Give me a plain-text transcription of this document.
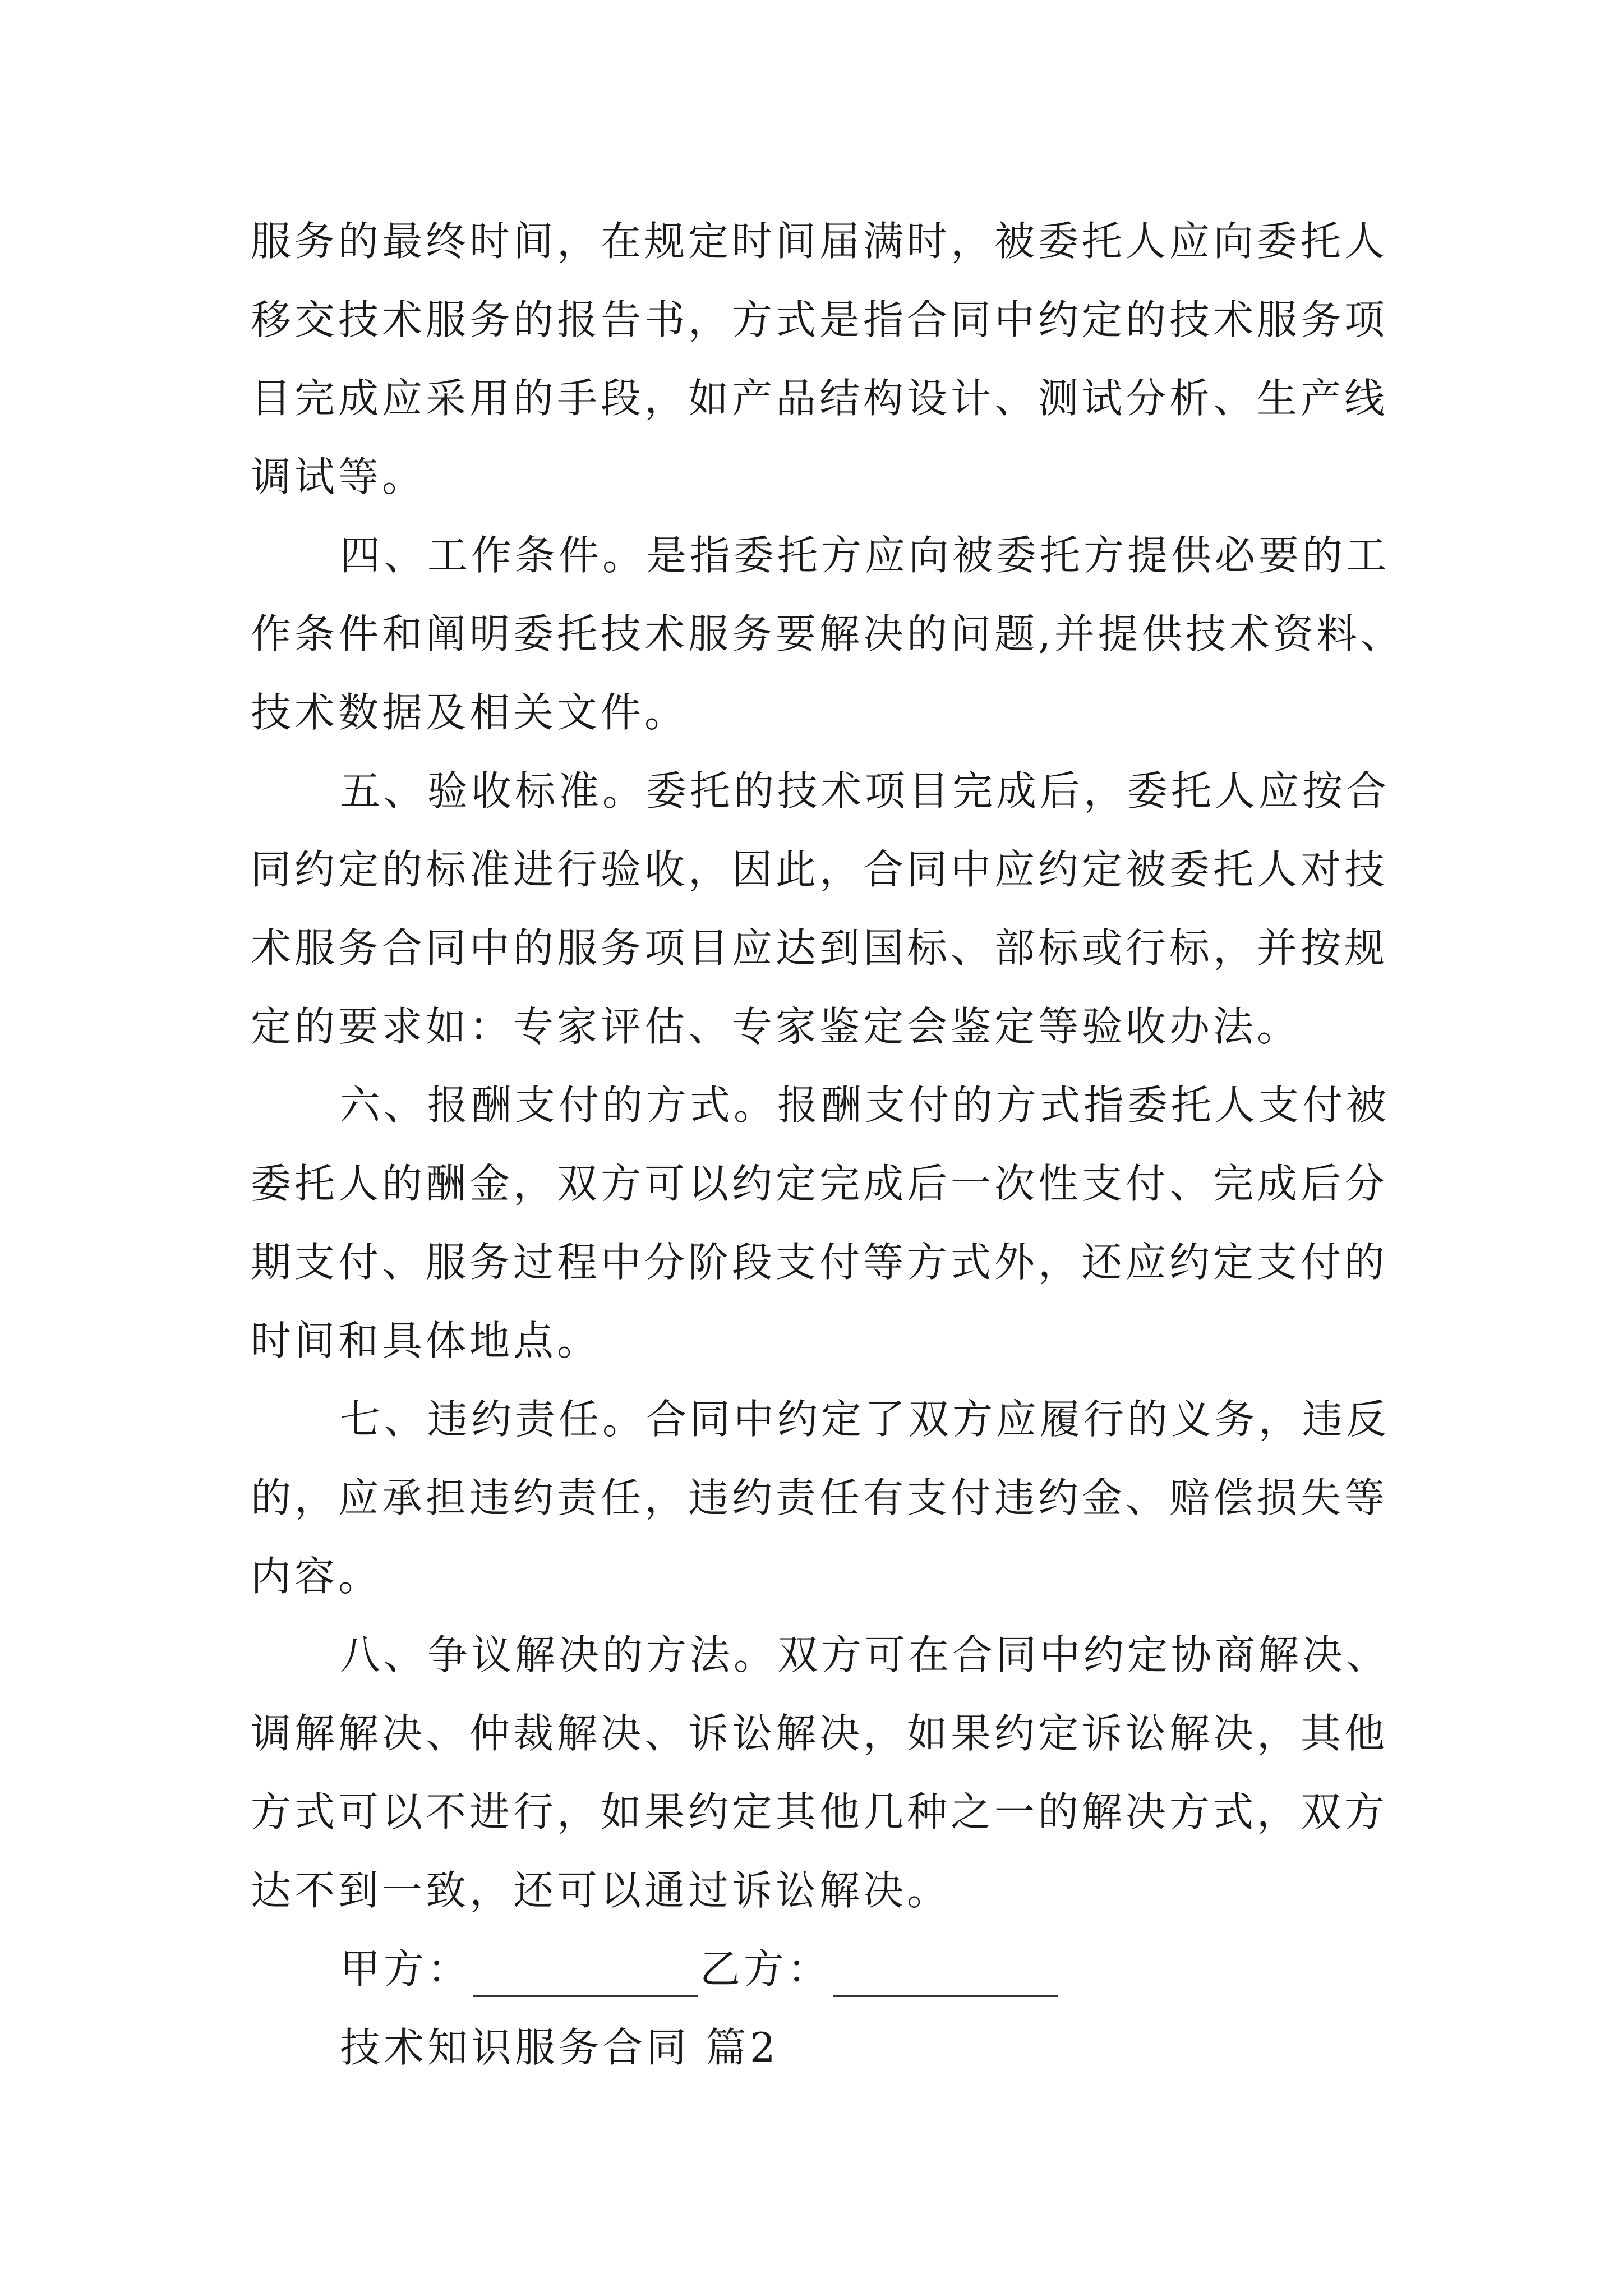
服务的最终时间，在规定时间届满时，被委托人应向委托人
移交技术服务的报告书，方式是指合同中约定的技术服务项
目完成应采用的手段，如产品结构设计、测试分析、生产线
调试等。
四、工作条件。是指委托方应向被委托方提供必要的工
作条件和阐明委托技术服务要解决的问题,并提供技术资料、
技术数据及相关文件。
五、验收标准。委托的技术项目完成后，委托人应按合
同约定的标准进行验收，因此，合同中应约定被委托人对技
术服务合同中的服务项目应达到国标、部标或行标，并按规
定的要求如：专家评估、专家鉴定会鉴定等验收办法。
六、报酬支付的方式。报酬支付的方式指委托人支付被
委托人的酬金，双方可以约定完成后一次性支付、完成后分
期支付、服务过程中分阶段支付等方式外，还应约定支付的
时间和具体地点。
七、违约责任。合同中约定了双方应履行的义务，违反
的，应承担违约责任，违约责任有支付违约金、赔偿损失等
内容。
八、争议解决的方法。双方可在合同中约定协商解决、
调解解决、仲裁解决、诉讼解决，如果约定诉讼解决，其他
方式可以不进行，如果约定其他几种之一的解决方式，双方
达不到一致，还可以通过诉讼解决。
甲方：	乙方：
技术知识服务合同 篇2
